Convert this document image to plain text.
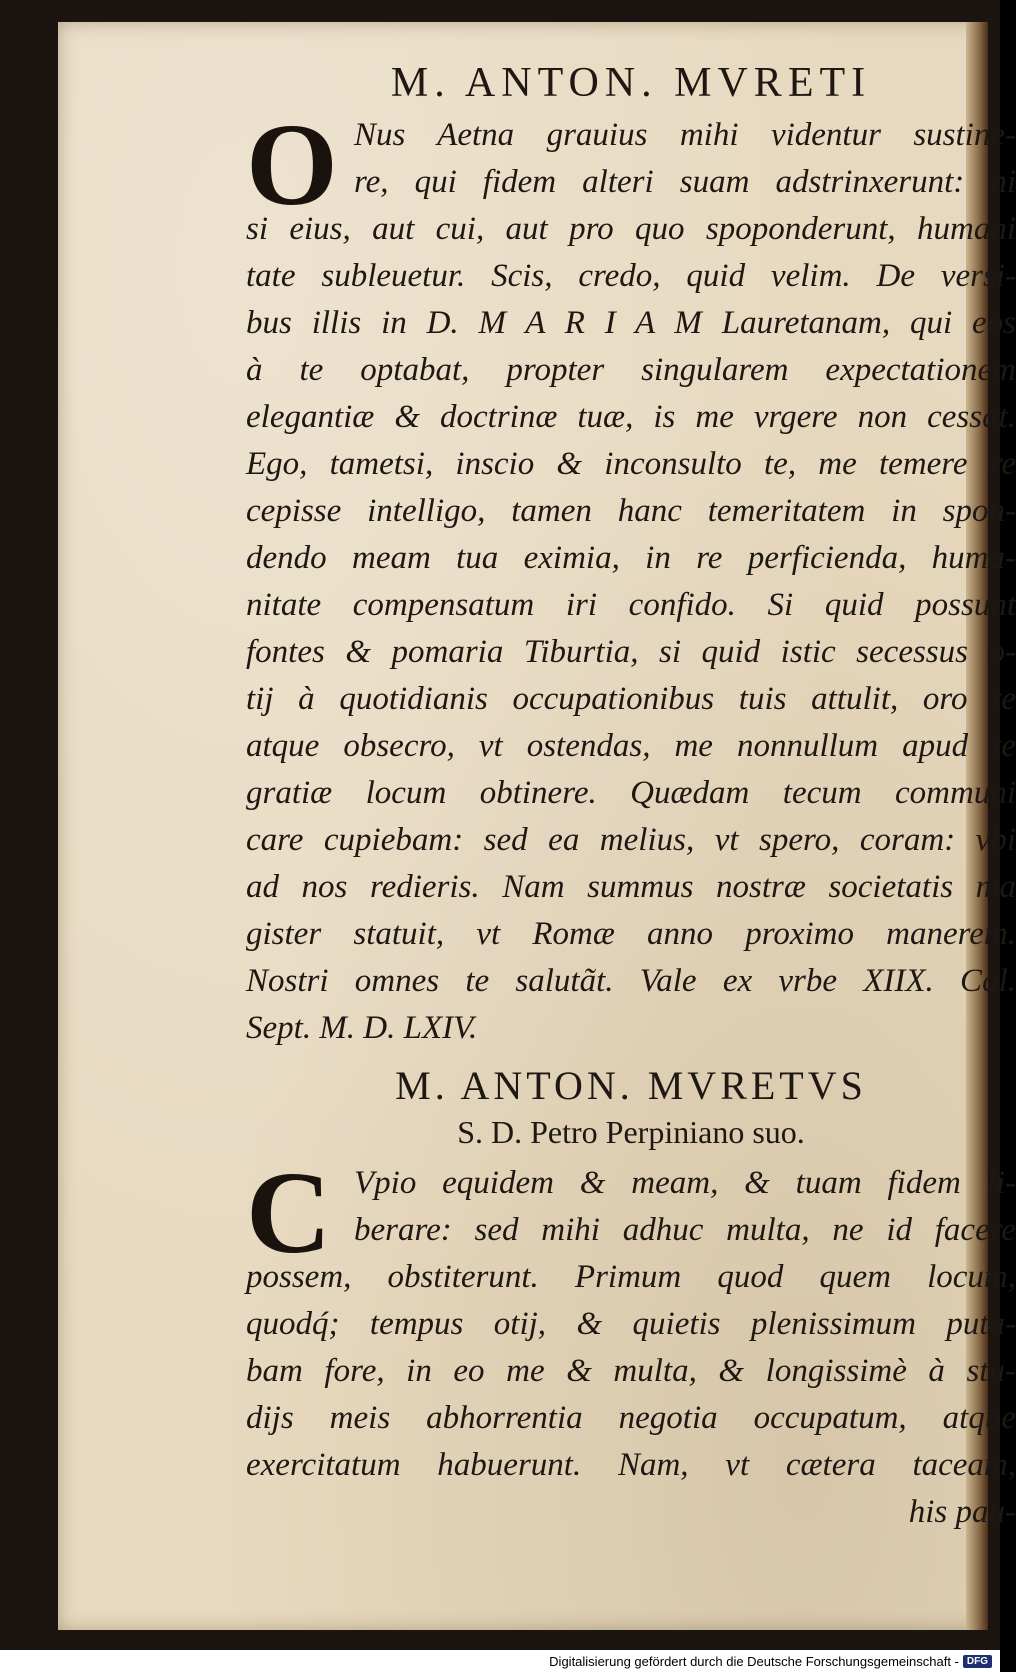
M. ANTON. MVRETI
O Nus Aetna grauius mihi videntur sustine-
re, qui fidem alteri suam adstrinxerunt: ni
si eius, aut cui, aut pro quo spoponderunt, humani
tate subleuetur. Scis, credo, quid velim. De versi-
bus illis in D. M A R I A M Lauretanam, qui eos
à te optabat, propter singularem expectationem
elegantiæ & doctrinæ tuæ, is me vrgere non cessat.
Ego, tametsi, inscio & inconsulto te, me temere re
cepisse intelligo, tamen hanc temeritatem in spon-
dendo meam tua eximia, in re perficienda, huma-
nitate compensatum iri confido. Si quid possunt
fontes & pomaria Tiburtia, si quid istic secessus o-
tij à quotidianis occupationibus tuis attulit, oro te
atque obsecro, vt ostendas, me nonnullum apud te
gratiæ locum obtinere. Quædam tecum communi
care cupiebam: sed ea melius, vt spero, coram: vbi
ad nos redieris. Nam summus nostræ societatis ma
gister statuit, vt Romæ anno proximo manerem.
Nostri omnes te salutãt. Vale ex vrbe XIIX. Cal.
Sept. M. D. LXIV.
M. ANTON. MVRETVS
S. D. Petro Perpiniano suo.
C Vpio equidem & meam, & tuam fidem li-
berare: sed mihi adhuc multa, ne id facere
possem, obstiterunt. Primum quod quem locum,
quodq́; tempus otij, & quietis plenissimum puta-
bam fore, in eo me & multa, & longissimè à stu-
dijs meis abhorrentia negotia occupatum, atque
exercitatum habuerunt. Nam, vt cætera taceam,
his pau-
Digitalisierung gefördert durch die Deutsche Forschungsgemeinschaft - DFG
